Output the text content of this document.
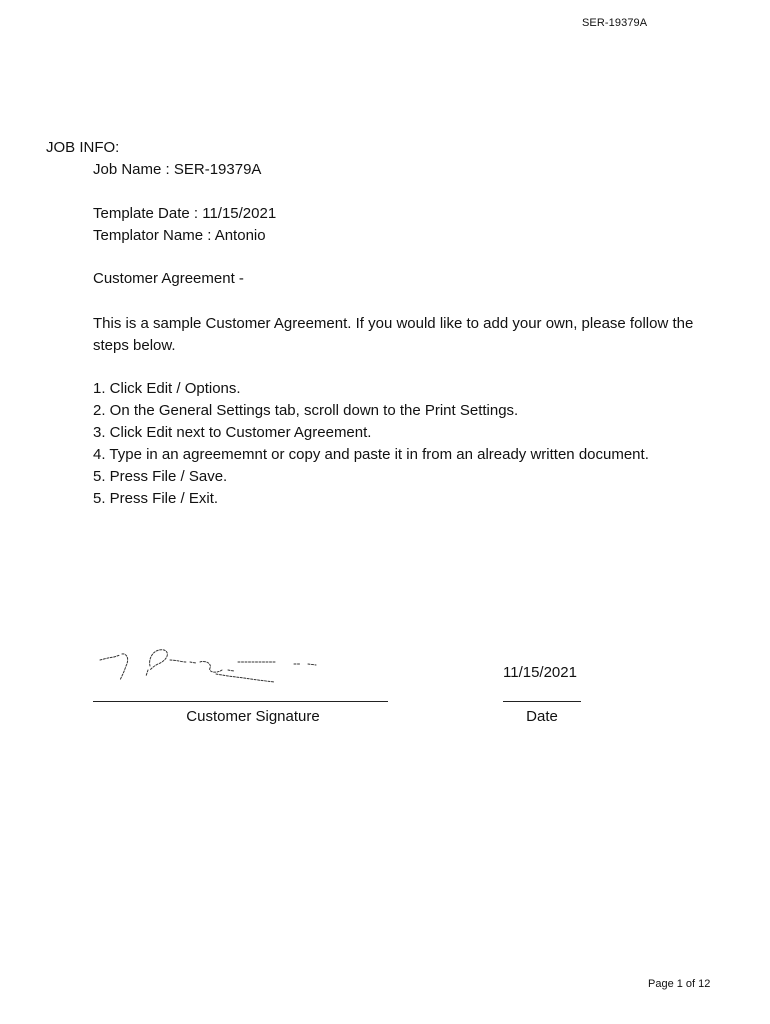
SER-19379A
JOB INFO:
Job Name : SER-19379A
Template Date : 11/15/2021
Templator Name : Antonio
Customer Agreement -
This is a sample Customer Agreement. If you would like to add your own, please follow the steps below.
1. Click Edit / Options.
2. On the General Settings tab, scroll down to the Print Settings.
3. Click Edit next to Customer Agreement.
4. Type in an agreememnt or copy and paste it in from an already written document.
5. Press File / Save.
5. Press File / Exit.
11/15/2021
Customer Signature	Date
Page 1 of 12
